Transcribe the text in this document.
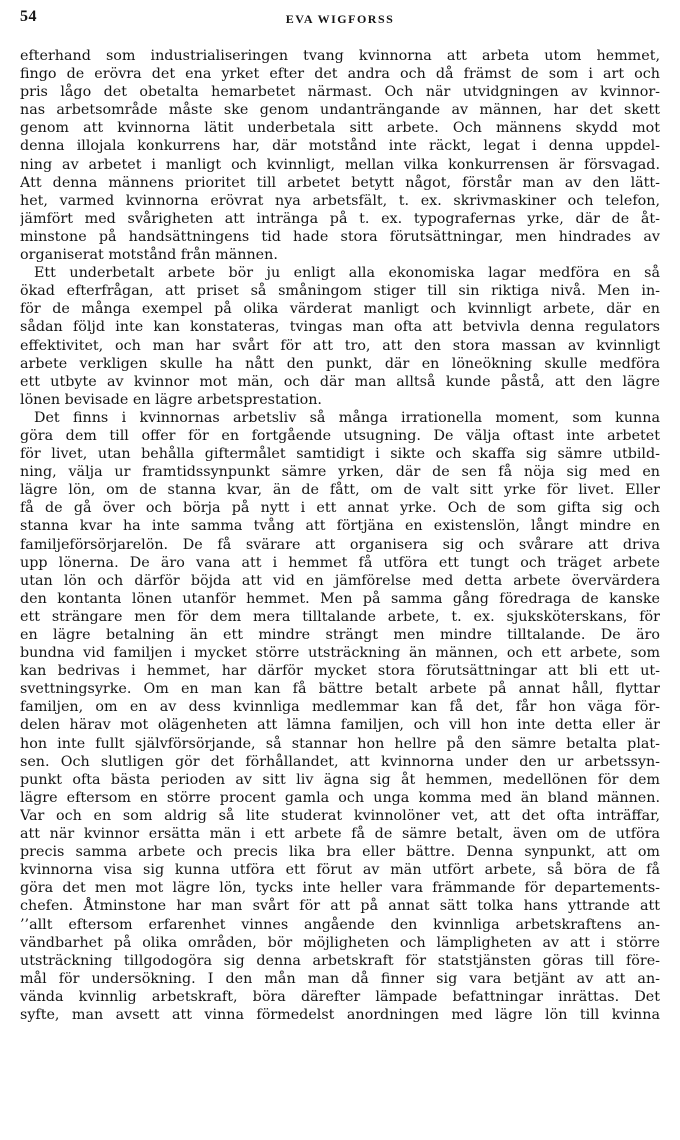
54	EVA WIGFORSS
efterhand som industrialiseringen tvang kvinnorna att arbeta utom hemmet,
fingo de erövra det ena yrket efter det andra och då främst de som i art och
pris lågo det obetalta hemarbetet närmast. Och när utvidgningen av kvinnor-
nas arbetsområde måste ske genom undanträngande av männen, har det skett
genom att kvinnorna lätit underbetala sitt arbete. Och männens skydd mot
denna illojala konkurrens har, där motstånd inte räckt, legat i denna uppdel-
ning av arbetet i manligt och kvinnligt, mellan vilka konkurrensen är försvagad.
Att denna männens prioritet till arbetet betytt något, förstår man av den lätt-
het, varmed kvinnorna erövrat nya arbetsfält, t. ex. skrivmaskiner och telefon,
jämfört med svårigheten att intränga på t. ex. typografernas yrke, där de åt-
minstone på handsättningens tid hade stora förutsättningar, men hindrades av
organiserat motstånd från männen.
Ett underbetalt arbete bör ju enligt alla ekonomiska lagar medföra en så
ökad efterfrågan, att priset så småningom stiger till sin riktiga nivå. Men in-
för de många exempel på olika värderat manligt och kvinnligt arbete, där en
sådan följd inte kan konstateras, tvingas man ofta att betvivla denna regulators
effektivitet, och man har svårt för att tro, att den stora massan av kvinnligt
arbete verkligen skulle ha nått den punkt, där en löneökning skulle medföra
ett utbyte av kvinnor mot män, och där man alltså kunde påstå, att den lägre
lönen bevisade en lägre arbetsprestation.
Det finns i kvinnornas arbetsliv så många irrationella moment, som kunna
göra dem till offer för en fortgående utsugning. De välja oftast inte arbetet
för livet, utan behålla giftermålet samtidigt i sikte och skaffa sig sämre utbild-
ning, välja ur framtidssynpunkt sämre yrken, där de sen få nöja sig med en
lägre lön, om de stanna kvar, än de fått, om de valt sitt yrke för livet. Eller
få de gå över och börja på nytt i ett annat yrke. Och de som gifta sig och
stanna kvar ha inte samma tvång att förtjäna en existenslön, långt mindre en
familjeförsörjarelön. De få svärare att organisera sig och svårare att driva
upp lönerna. De äro vana att i hemmet få utföra ett tungt och träget arbete
utan lön och därför böjda att vid en jämförelse med detta arbete övervärdera
den kontanta lönen utanför hemmet. Men på samma gång föredraga de kanske
ett strängare men för dem mera tilltalande arbete, t. ex. sjuksköterskans, för
en lägre betalning än ett mindre strängt men mindre tilltalande. De äro
bundna vid familjen i mycket större utsträckning än männen, och ett arbete, som
kan bedrivas i hemmet, har därför mycket stora förutsättningar att bli ett ut-
svettningsyrke. Om en man kan få bättre betalt arbete på annat håll, flyttar
familjen, om en av dess kvinnliga medlemmar kan få det, får hon väga för-
delen härav mot olägenheten att lämna familjen, och vill hon inte detta eller är
hon inte fullt självförsörjande, så stannar hon hellre på den sämre betalta plat-
sen. Och slutligen gör det förhållandet, att kvinnorna under den ur arbetssyn-
punkt ofta bästa perioden av sitt liv ägna sig åt hemmen, medellönen för dem
lägre eftersom en större procent gamla och unga komma med än bland männen.
Var och en som aldrig så lite studerat kvinnolöner vet, att det ofta inträffar,
att när kvinnor ersätta män i ett arbete få de sämre betalt, även om de utföra
precis samma arbete och precis lika bra eller bättre. Denna synpunkt, att om
kvinnorna visa sig kunna utföra ett förut av män utfört arbete, så böra de få
göra det men mot lägre lön, tycks inte heller vara främmande för departements-
chefen. Åtminstone har man svårt för att på annat sätt tolka hans yttrande att
’’allt eftersom erfarenhet vinnes angående den kvinnliga arbetskraftens an-
vändbarhet på olika områden, bör möjligheten och lämpligheten av att i större
utsträckning tillgodogöra sig denna arbetskraft för statstjänsten göras till före-
mål för undersökning. I den mån man då finner sig vara betjänt av att an-
vända kvinnlig arbetskraft, böra därefter lämpade befattningar inrättas. Det
syfte, man avsett att vinna förmedelst anordningen med lägre lön till kvinna
